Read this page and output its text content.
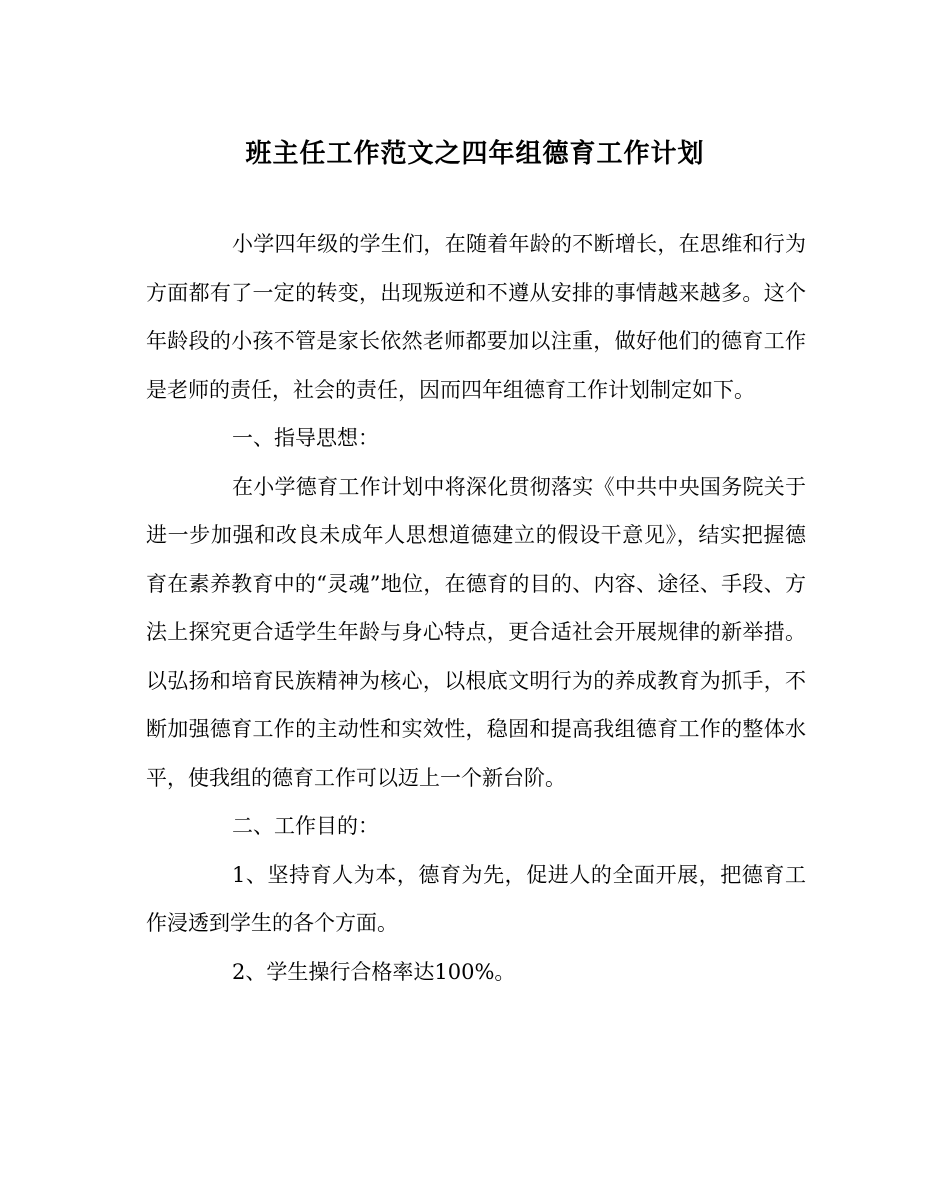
班主任工作范文之四年组德育工作计划

小学四年级的学生们，在随着年龄的不断增长，在思维和行为方面都有了一定的转变，出现叛逆和不遵从安排的事情越来越多。这个年龄段的小孩不管是家长依然老师都要加以注重，做好他们的德育工作是老师的责任，社会的责任，因而四年组德育工作计划制定如下。

一、指导思想：

在小学德育工作计划中将深化贯彻落实《中共中央国务院关于进一步加强和改良未成年人思想道德建立的假设干意见》，结实把握德育在素养教育中的“灵魂”地位，在德育的目的、内容、途径、手段、方法上探究更合适学生年龄与身心特点，更合适社会开展规律的新举措。以弘扬和培育民族精神为核心，以根底文明行为的养成教育为抓手，不断加强德育工作的主动性和实效性，稳固和提高我组德育工作的整体水平，使我组的德育工作可以迈上一个新台阶。

二、工作目的：

1、坚持育人为本，德育为先，促进人的全面开展，把德育工作浸透到学生的各个方面。

2、学生操行合格率达100%。
